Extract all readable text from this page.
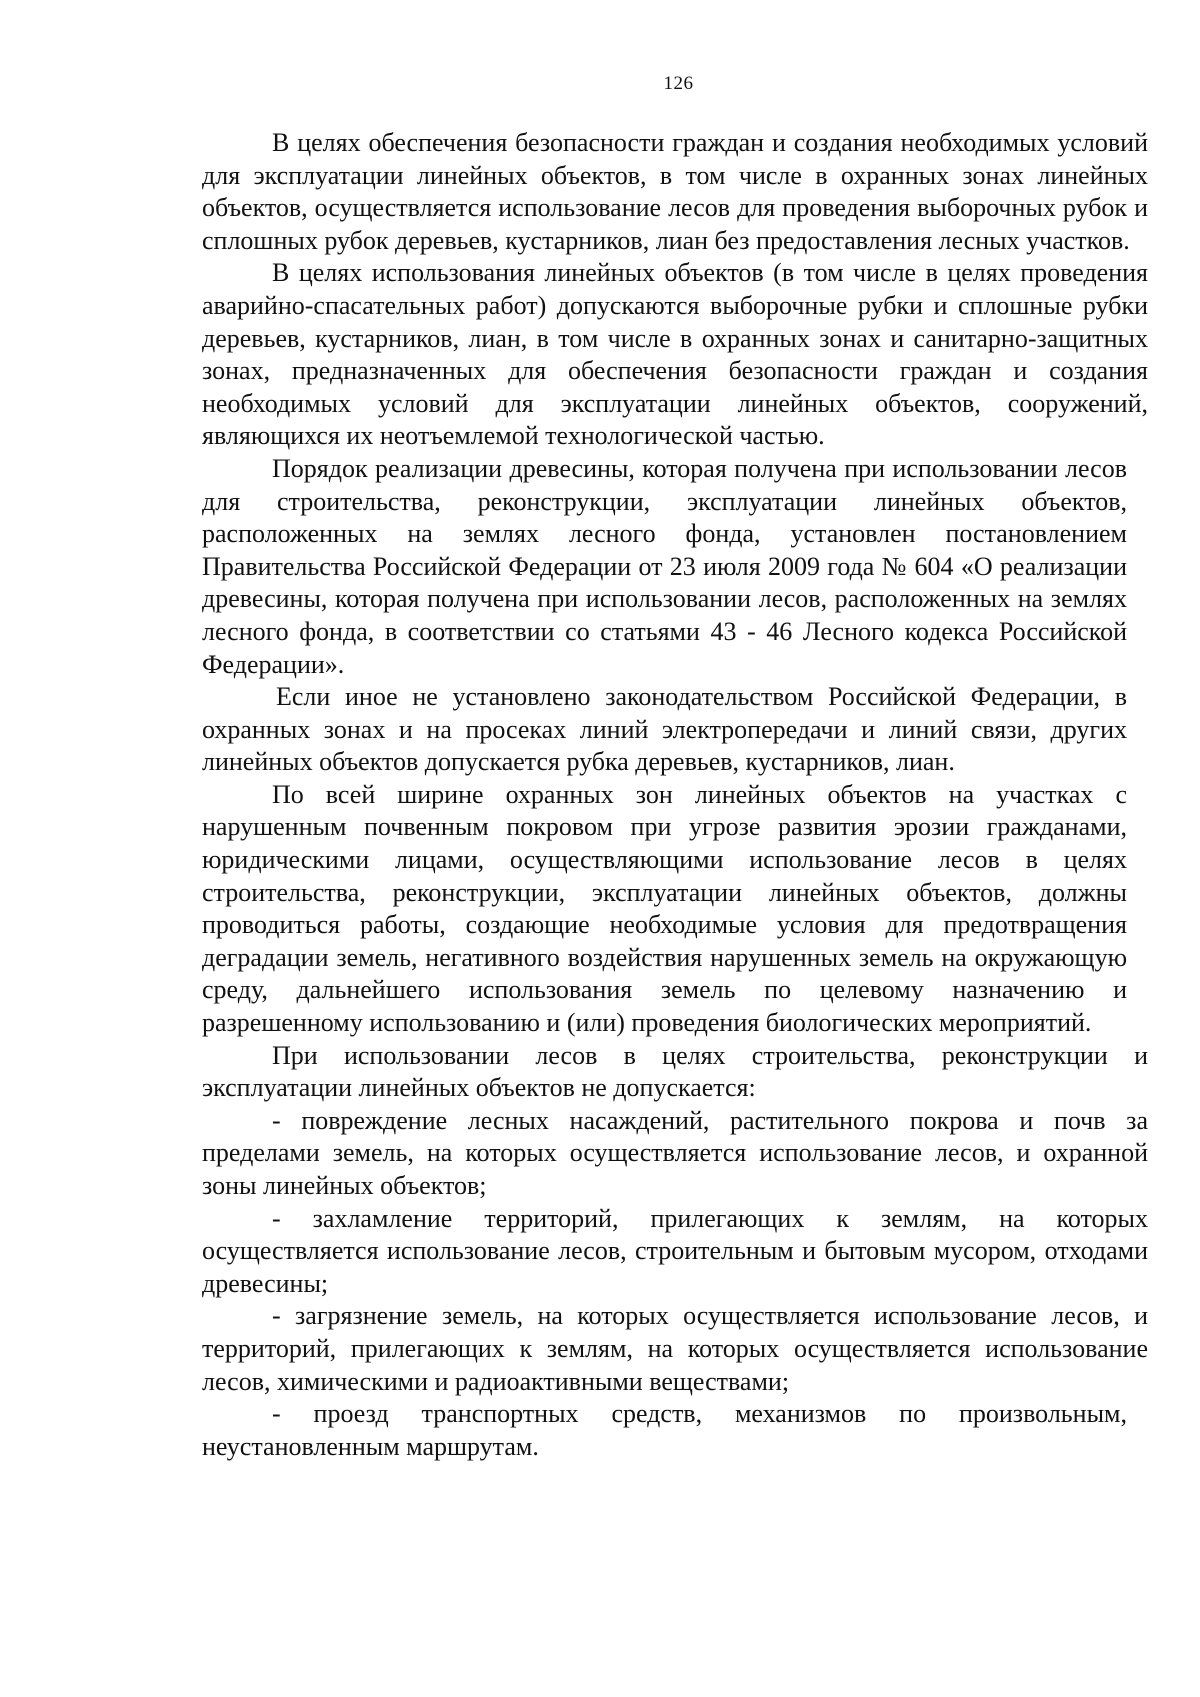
126

В целях обеспечения безопасности граждан и создания необходимых условий для эксплуатации линейных объектов, в том числе в охранных зонах линейных объектов, осуществляется использование лесов для проведения выборочных рубок и сплошных рубок деревьев, кустарников, лиан без предоставления лесных участков.

В целях использования линейных объектов (в том числе в целях проведения аварийно-спасательных работ) допускаются выборочные рубки и сплошные рубки деревьев, кустарников, лиан, в том числе в охранных зонах и санитарно-защитных зонах, предназначенных для обеспечения безопасности граждан и создания необходимых условий для эксплуатации линейных объектов, сооружений, являющихся их неотъемлемой технологической частью.

Порядок реализации древесины, которая получена при использовании лесов для строительства, реконструкции, эксплуатации линейных объектов, расположенных на землях лесного фонда, установлен постановлением Правительства Российской Федерации от 23 июля 2009 года № 604 «О реализации древесины, которая получена при использовании лесов, расположенных на землях лесного фонда, в соответствии со статьями 43 - 46 Лесного кодекса Российской Федерации».

Если иное не установлено законодательством Российской Федерации, в охранных зонах и на просеках линий электропередачи и линий связи, других линейных объектов допускается рубка деревьев, кустарников, лиан.

По всей ширине охранных зон линейных объектов на участках с нарушенным почвенным покровом при угрозе развития эрозии гражданами, юридическими лицами, осуществляющими использование лесов в целях строительства, реконструкции, эксплуатации линейных объектов, должны проводиться работы, создающие необходимые условия для предотвращения деградации земель, негативного воздействия нарушенных земель на окружающую среду, дальнейшего использования земель по целевому назначению и разрешенному использованию и (или) проведения биологических мероприятий.

При использовании лесов в целях строительства, реконструкции и эксплуатации линейных объектов не допускается:

- повреждение лесных насаждений, растительного покрова и почв за пределами земель, на которых осуществляется использование лесов, и охранной зоны линейных объектов;

- захламление территорий, прилегающих к землям, на которых осуществляется использование лесов, строительным и бытовым мусором, отходами древесины;

- загрязнение земель, на которых осуществляется использование лесов, и территорий, прилегающих к землям, на которых осуществляется использование лесов, химическими и радиоактивными веществами;

- проезд транспортных средств, механизмов по произвольным, неустановленным маршрутам.
